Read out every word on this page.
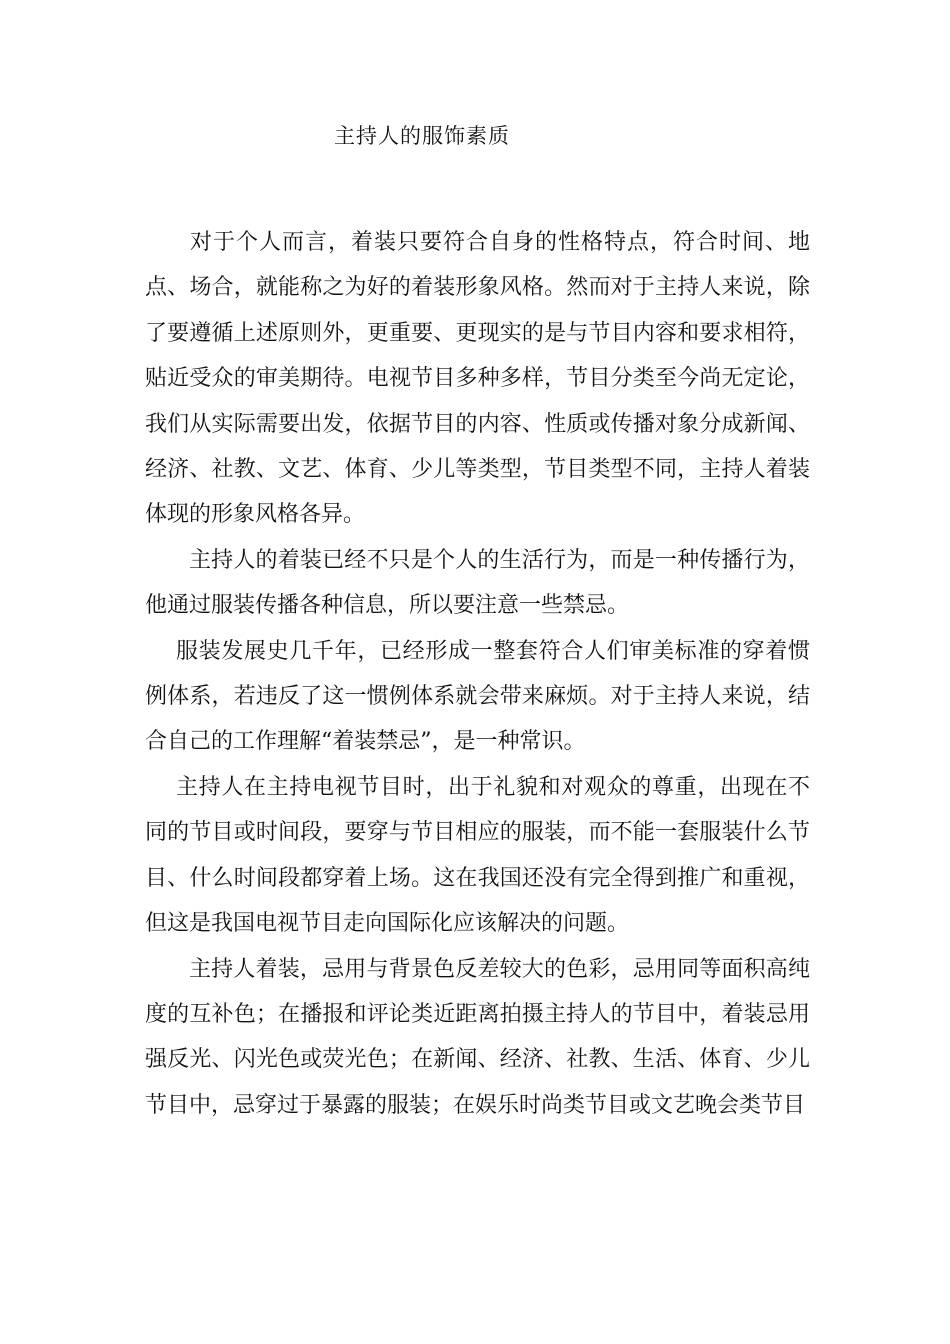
主持人的服饰素质

对于个人而言，着装只要符合自身的性格特点，符合时间、地点、场合，就能称之为好的着装形象风格。然而对于主持人来说，除了要遵循上述原则外，更重要、更现实的是与节目内容和要求相符，贴近受众的审美期待。电视节目多种多样，节目分类至今尚无定论，我们从实际需要出发，依据节目的内容、性质或传播对象分成新闻、经济、社教、文艺、体育、少儿等类型，节目类型不同，主持人着装体现的形象风格各异。

主持人的着装已经不只是个人的生活行为，而是一种传播行为，他通过服装传播各种信息，所以要注意一些禁忌。

服装发展史几千年，已经形成一整套符合人们审美标准的穿着惯例体系，若违反了这一惯例体系就会带来麻烦。对于主持人来说，结合自己的工作理解“着装禁忌”，是一种常识。

主持人在主持电视节目时，出于礼貌和对观众的尊重，出现在不同的节目或时间段，要穿与节目相应的服装，而不能一套服装什么节目、什么时间段都穿着上场。这在我国还没有完全得到推广和重视，但这是我国电视节目走向国际化应该解决的问题。

主持人着装，忌用与背景色反差较大的色彩，忌用同等面积高纯度的互补色；在播报和评论类近距离拍摄主持人的节目中，着装忌用强反光、闪光色或荧光色；在新闻、经济、社教、生活、体育、少儿节目中，忌穿过于暴露的服装；在娱乐时尚类节目或文艺晚会类节目
